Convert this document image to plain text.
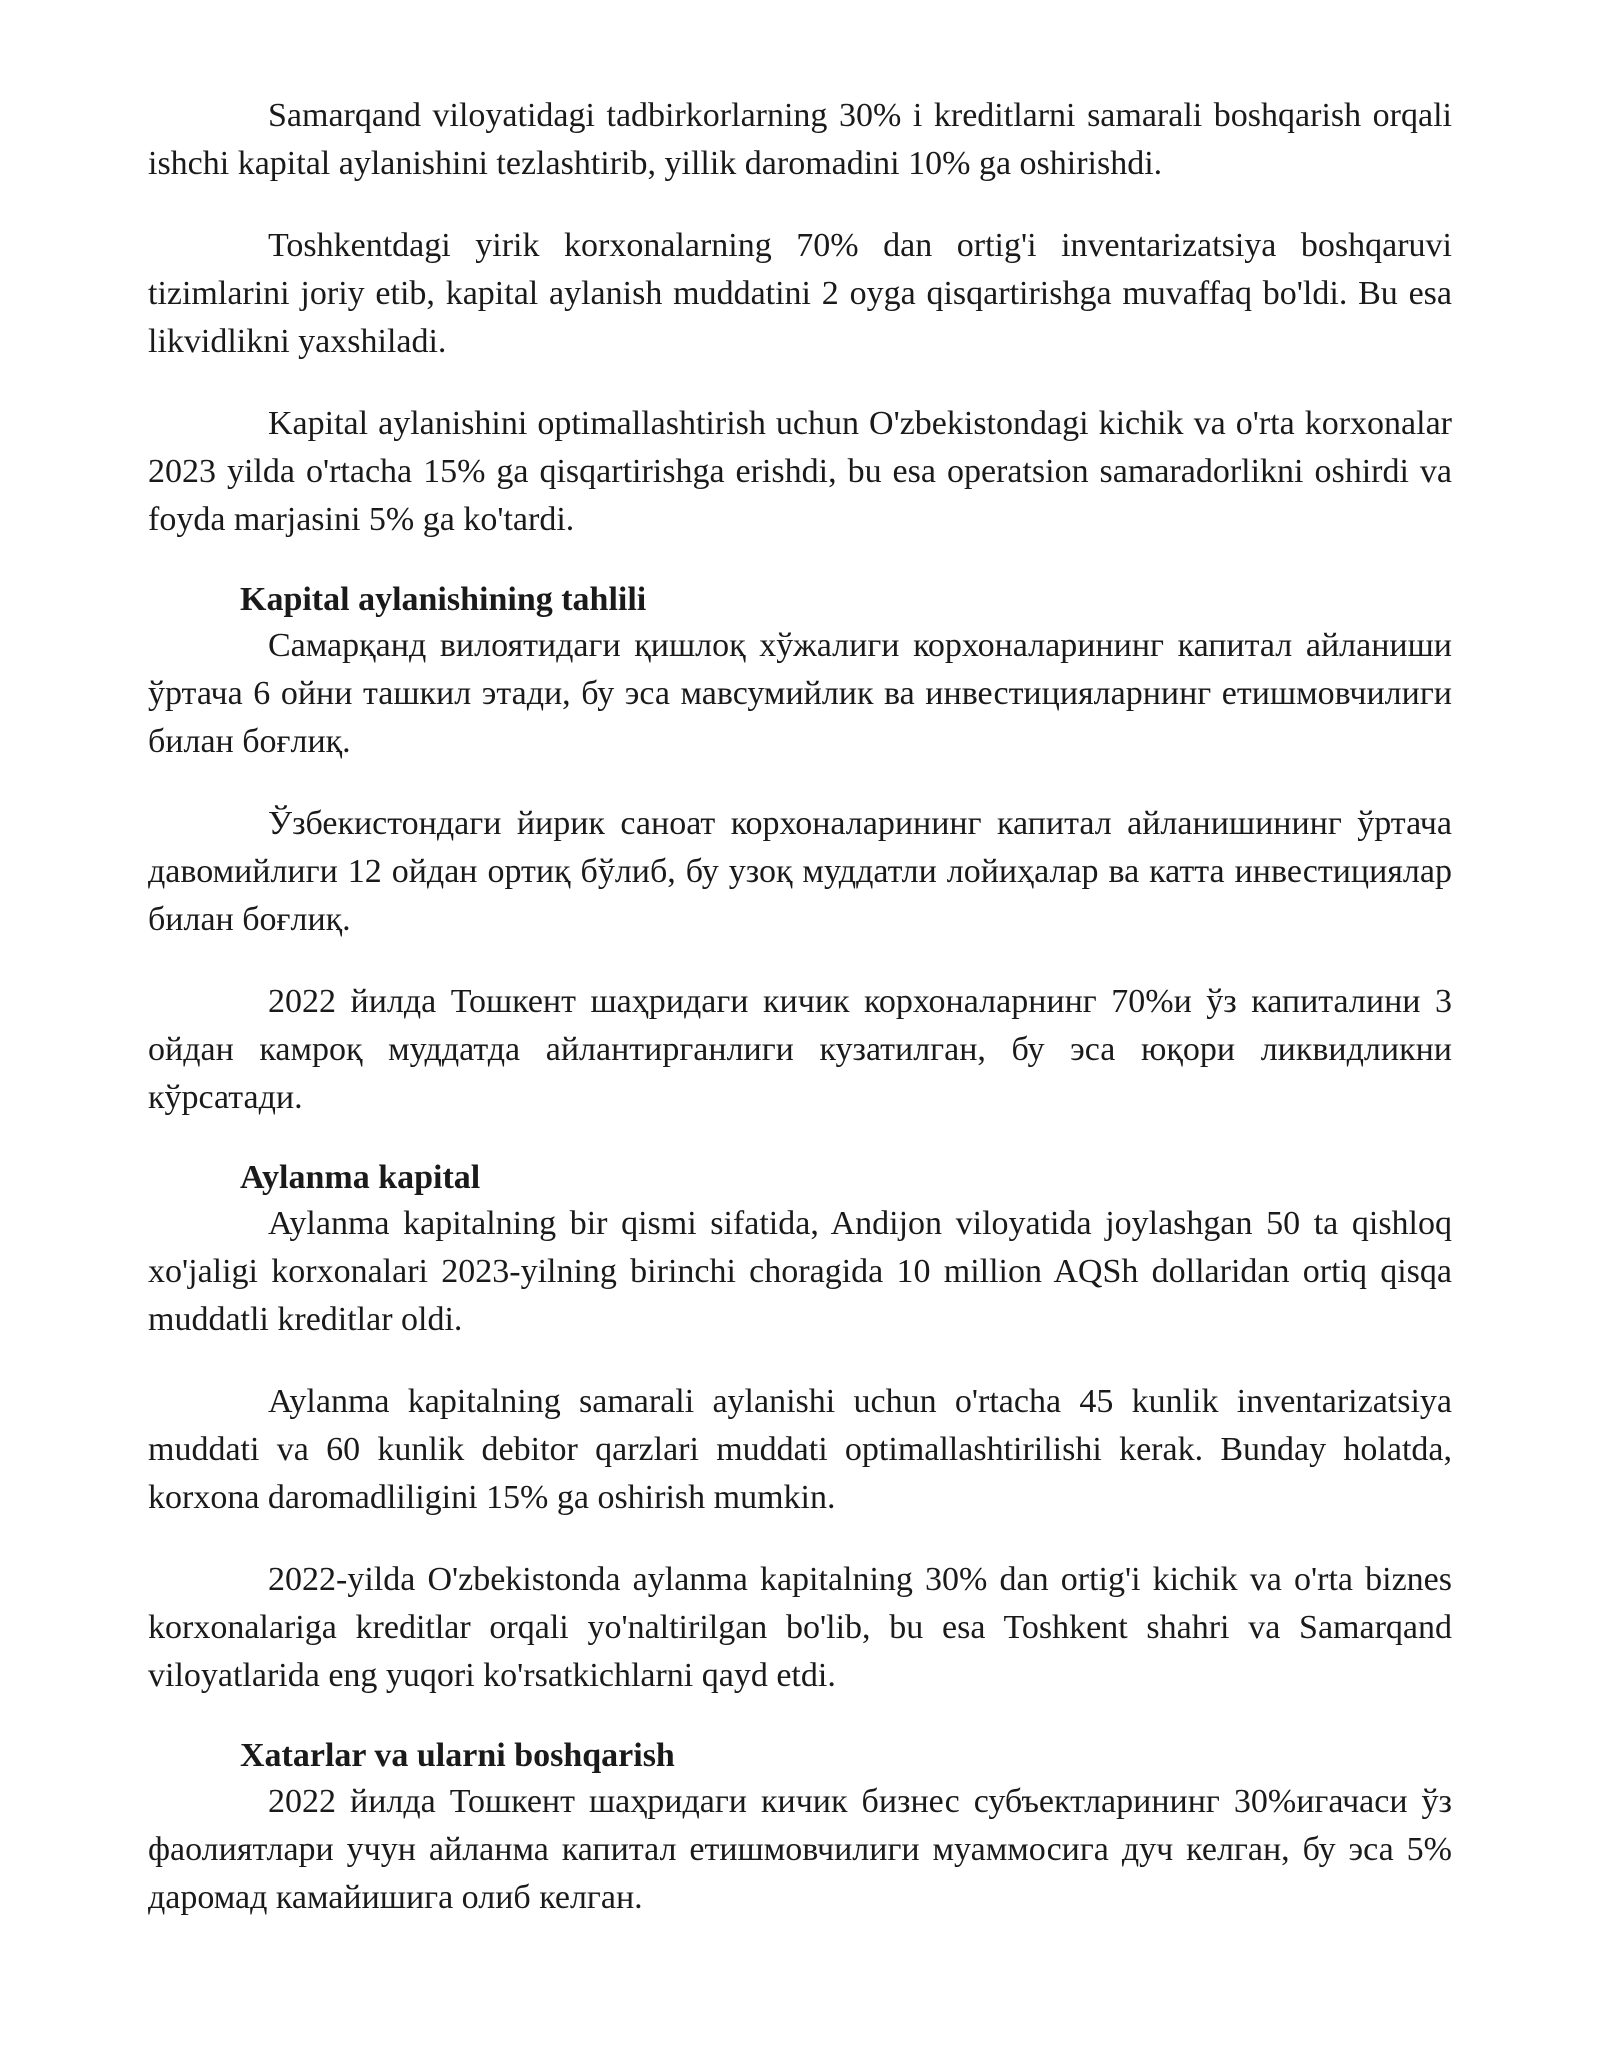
Samarqand viloyatidagi tadbirkorlarning 30% i kreditlarni samarali boshqarish orqali ishchi kapital aylanishini tezlashtirib, yillik daromadini 10% ga oshirishdi.

Toshkentdagi yirik korxonalarning 70% dan ortig'i inventarizatsiya boshqaruvi tizimlarini joriy etib, kapital aylanish muddatini 2 oyga qisqartirishga muvaffaq bo'ldi. Bu esa likvidlikni yaxshiladi.

Kapital aylanishini optimallashtirish uchun O'zbekistondagi kichik va o'rta korxonalar 2023 yilda o'rtacha 15% ga qisqartirishga erishdi, bu esa operatsion samaradorlikni oshirdi va foyda marjasini 5% ga ko'tardi.

Kapital aylanishining tahlili

Самарқанд вилоятидаги қишлоқ хўжалиги корхоналарининг капитал айланиши ўртача 6 ойни ташкил этади, бу эса мавсумийлик ва инвестицияларнинг етишмовчилиги билан боғлиқ.

Ўзбекистондаги йирик саноат корхоналарининг капитал айланишининг ўртача давомийлиги 12 ойдан ортиқ бўлиб, бу узоқ муддатли лойиҳалар ва катта инвестициялар билан боғлиқ.

2022 йилда Тошкент шаҳридаги кичик корхоналарнинг 70%и ўз капиталини 3 ойдан камроқ муддатда айлантирганлиги кузатилган, бу эса юқори ликвидликни кўрсатади.

Aylanma kapital

Aylanma kapitalning bir qismi sifatida, Andijon viloyatida joylashgan 50 ta qishloq xo'jaligi korxonalari 2023-yilning birinchi choragida 10 million AQSh dollaridan ortiq qisqa muddatli kreditlar oldi.

Aylanma kapitalning samarali aylanishi uchun o'rtacha 45 kunlik inventarizatsiya muddati va 60 kunlik debitor qarzlari muddati optimallashtirilishi kerak. Bunday holatda, korxona daromadliligini 15% ga oshirish mumkin.

2022-yilda O'zbekistonda aylanma kapitalning 30% dan ortig'i kichik va o'rta biznes korxonalariga kreditlar orqali yo'naltirilgan bo'lib, bu esa Toshkent shahri va Samarqand viloyatlarida eng yuqori ko'rsatkichlarni qayd etdi.

Xatarlar va ularni boshqarish

2022 йилда Тошкент шаҳридаги кичик бизнес субъектларининг 30%игачаси ўз фаолиятлари учун айланма капитал етишмовчилиги муаммосига дуч келган, бу эса 5% даромад камайишига олиб келган.
